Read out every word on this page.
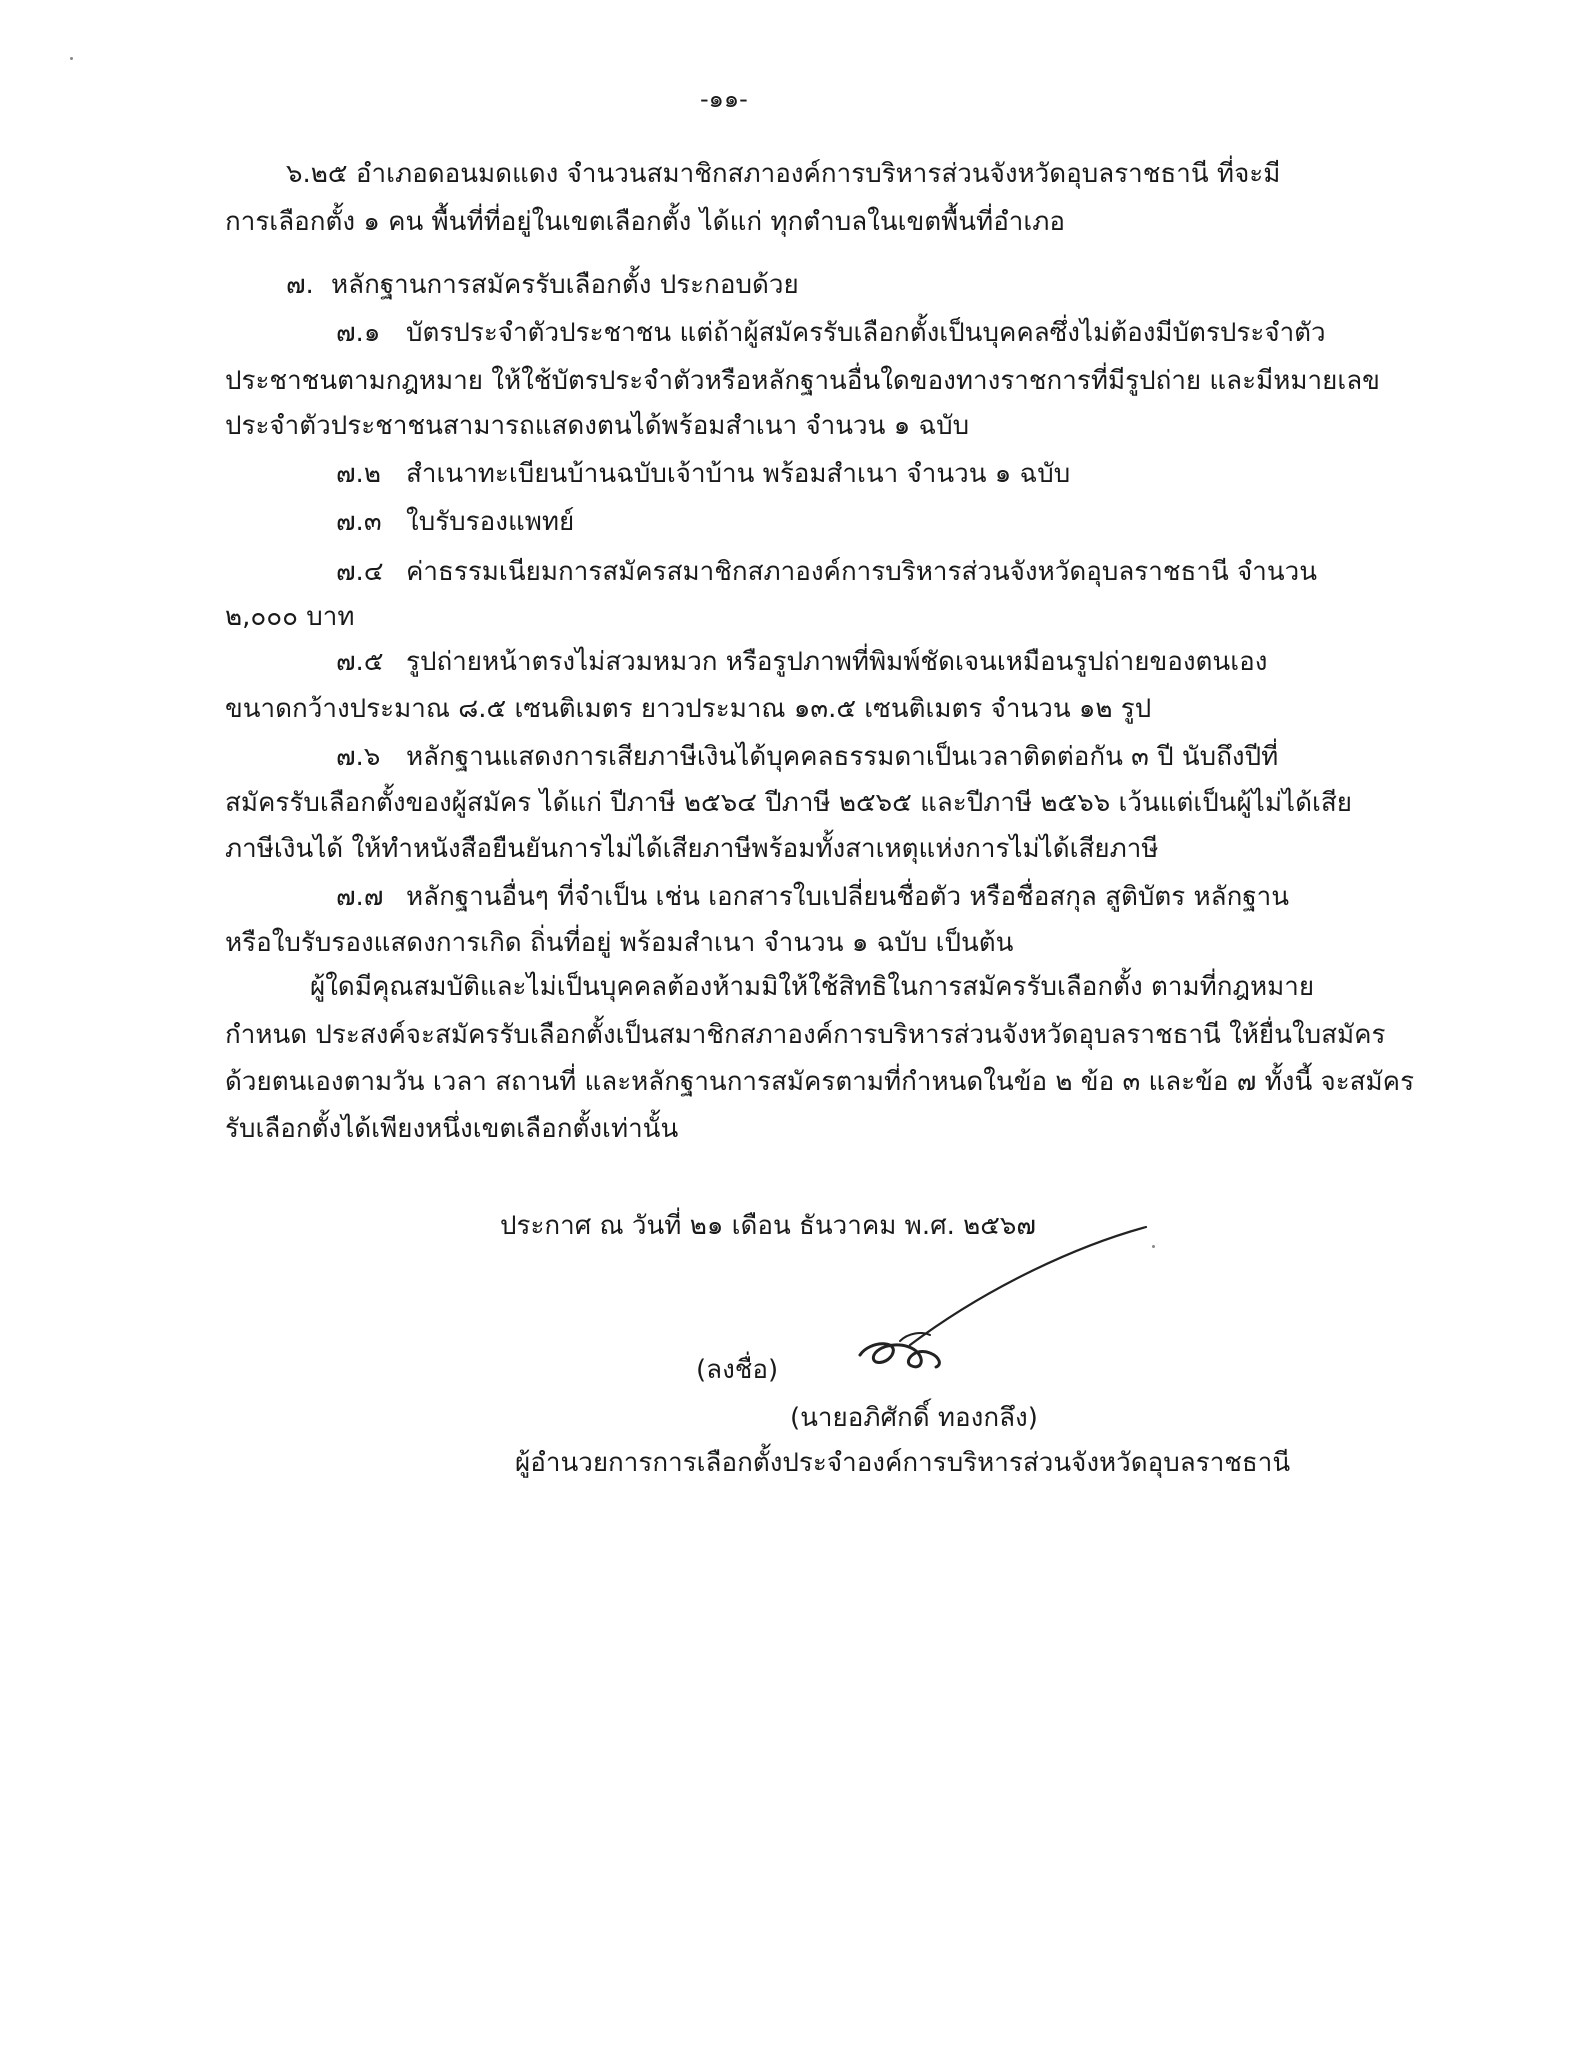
-๑๑-
๖.๒๕ อำเภอดอนมดแดง จำนวนสมาชิกสภาองค์การบริหารส่วนจังหวัดอุบลราชธานี ที่จะมี
การเลือกตั้ง ๑ คน พื้นที่ที่อยู่ในเขตเลือกตั้ง ได้แก่ ทุกตำบลในเขตพื้นที่อำเภอ
๗. หลักฐานการสมัครรับเลือกตั้ง ประกอบด้วย
๗.๑ บัตรประจำตัวประชาชน แต่ถ้าผู้สมัครรับเลือกตั้งเป็นบุคคลซึ่งไม่ต้องมีบัตรประจำตัว
ประชาชนตามกฎหมาย ให้ใช้บัตรประจำตัวหรือหลักฐานอื่นใดของทางราชการที่มีรูปถ่าย และมีหมายเลข
ประจำตัวประชาชนสามารถแสดงตนได้พร้อมสำเนา จำนวน ๑ ฉบับ
๗.๒ สำเนาทะเบียนบ้านฉบับเจ้าบ้าน พร้อมสำเนา จำนวน ๑ ฉบับ
๗.๓ ใบรับรองแพทย์
๗.๔ ค่าธรรมเนียมการสมัครสมาชิกสภาองค์การบริหารส่วนจังหวัดอุบลราชธานี จำนวน
๒,๐๐๐ บาท
๗.๕ รูปถ่ายหน้าตรงไม่สวมหมวก หรือรูปภาพที่พิมพ์ชัดเจนเหมือนรูปถ่ายของตนเอง
ขนาดกว้างประมาณ ๘.๕ เซนติเมตร ยาวประมาณ ๑๓.๕ เซนติเมตร จำนวน ๑๒ รูป
๗.๖ หลักฐานแสดงการเสียภาษีเงินได้บุคคลธรรมดาเป็นเวลาติดต่อกัน ๓ ปี นับถึงปีที่
สมัครรับเลือกตั้งของผู้สมัคร ได้แก่ ปีภาษี ๒๕๖๔ ปีภาษี ๒๕๖๕ และปีภาษี ๒๕๖๖ เว้นแต่เป็นผู้ไม่ได้เสีย
ภาษีเงินได้ ให้ทำหนังสือยืนยันการไม่ได้เสียภาษีพร้อมทั้งสาเหตุแห่งการไม่ได้เสียภาษี
๗.๗ หลักฐานอื่นๆ ที่จำเป็น เช่น เอกสารใบเปลี่ยนชื่อตัว หรือชื่อสกุล สูติบัตร หลักฐาน
หรือใบรับรองแสดงการเกิด ถิ่นที่อยู่ พร้อมสำเนา จำนวน ๑ ฉบับ เป็นต้น
ผู้ใดมีคุณสมบัติและไม่เป็นบุคคลต้องห้ามมิให้ใช้สิทธิในการสมัครรับเลือกตั้ง ตามที่กฎหมาย
กำหนด ประสงค์จะสมัครรับเลือกตั้งเป็นสมาชิกสภาองค์การบริหารส่วนจังหวัดอุบลราชธานี ให้ยื่นใบสมัคร
ด้วยตนเองตามวัน เวลา สถานที่ และหลักฐานการสมัครตามที่กำหนดในข้อ ๒ ข้อ ๓ และข้อ ๗ ทั้งนี้ จะสมัคร
รับเลือกตั้งได้เพียงหนึ่งเขตเลือกตั้งเท่านั้น
ประกาศ ณ วันที่ ๒๑ เดือน ธันวาคม พ.ศ. ๒๕๖๗
(ลงชื่อ)
(นายอภิศักดิ์ ทองกลึง)
ผู้อำนวยการการเลือกตั้งประจำองค์การบริหารส่วนจังหวัดอุบลราชธานี
